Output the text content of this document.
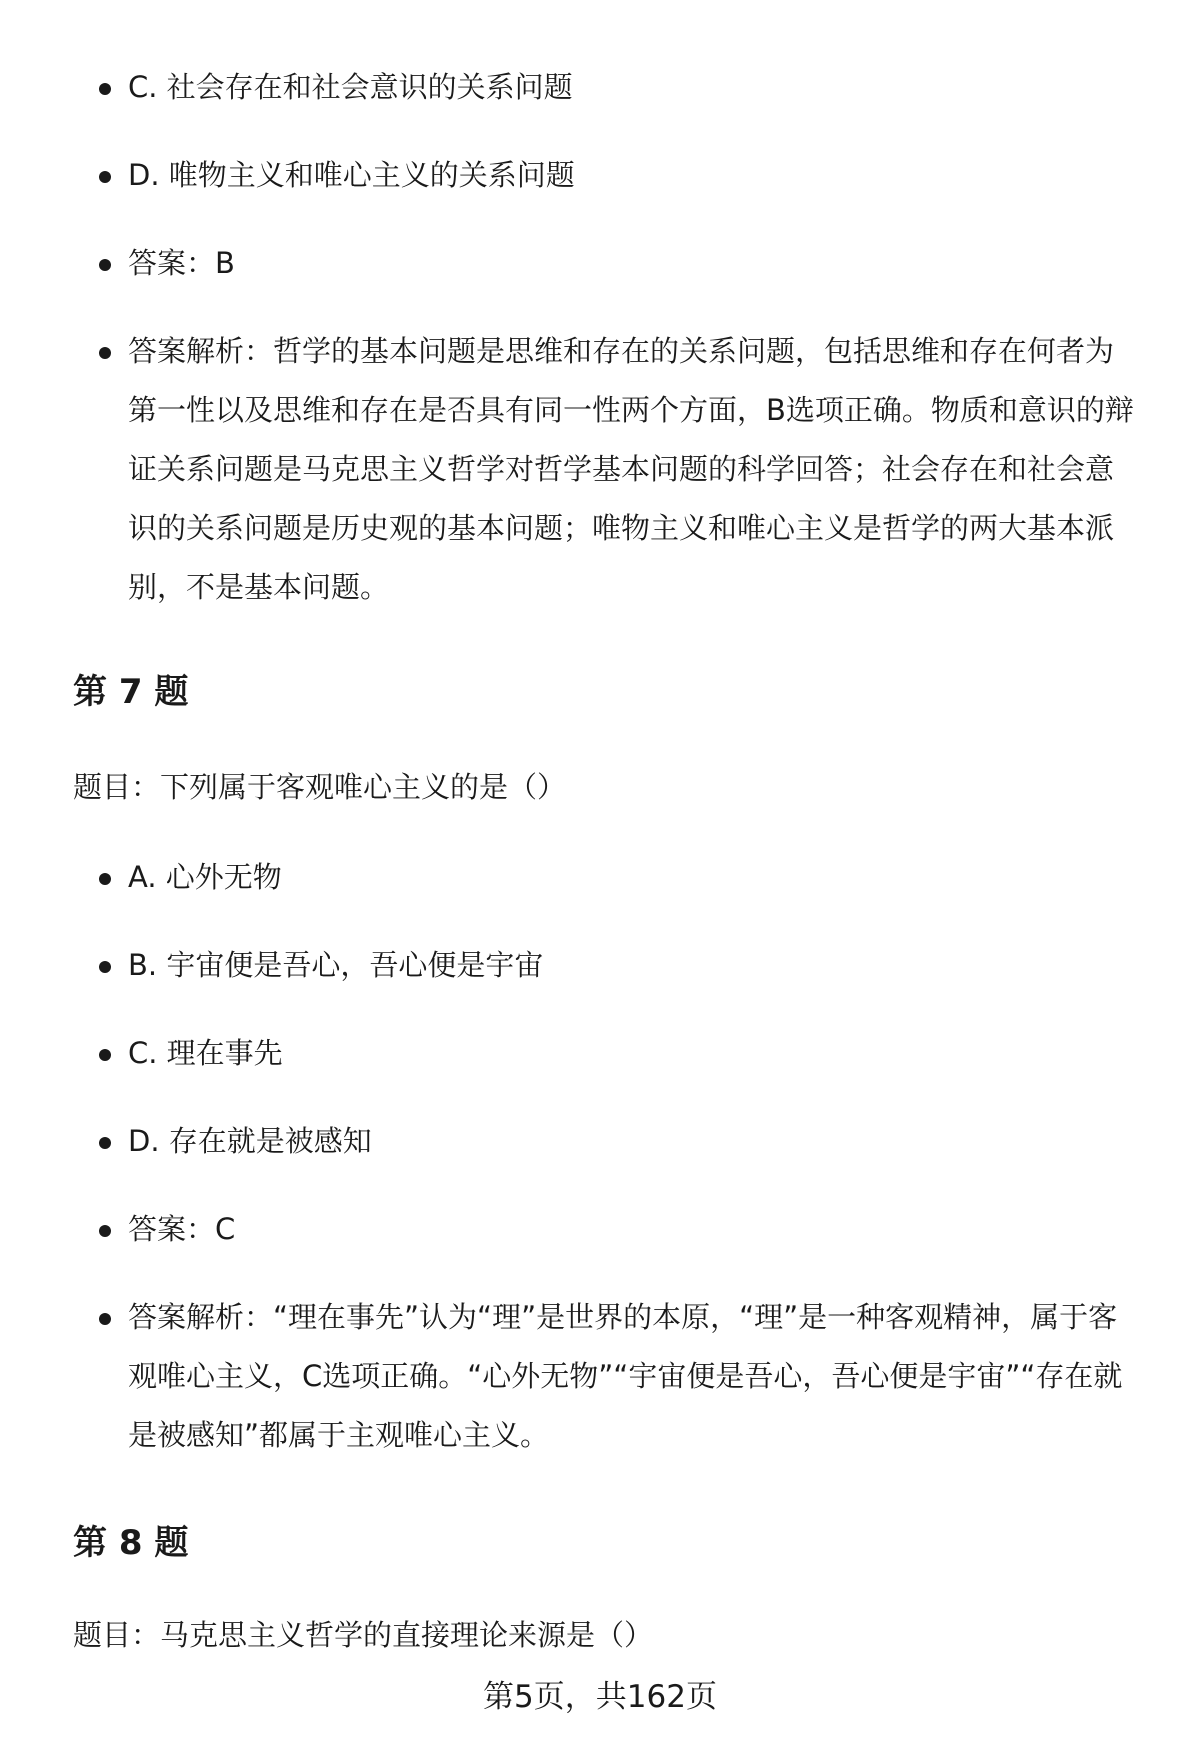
C. 社会存在和社会意识的关系问题
D. 唯物主义和唯心主义的关系问题
答案：B
答案解析：哲学的基本问题是思维和存在的关系问题，包括思维和存在何者为第一性以及思维和存在是否具有同一性两个方面，B选项正确。物质和意识的辩证关系问题是马克思主义哲学对哲学基本问题的科学回答；社会存在和社会意识的关系问题是历史观的基本问题；唯物主义和唯心主义是哲学的两大基本派别，不是基本问题。
第 7 题

题目：下列属于客观唯心主义的是（）

A. 心外无物
B. 宇宙便是吾心，吾心便是宇宙
C. 理在事先
D. 存在就是被感知
答案：C
答案解析：“理在事先”认为“理”是世界的本原，“理”是一种客观精神，属于客观唯心主义，C选项正确。“心外无物”“宇宙便是吾心，吾心便是宇宙”“存在就是被感知”都属于主观唯心主义。
第 8 题

题目：马克思主义哲学的直接理论来源是（）

第5页，共162页
